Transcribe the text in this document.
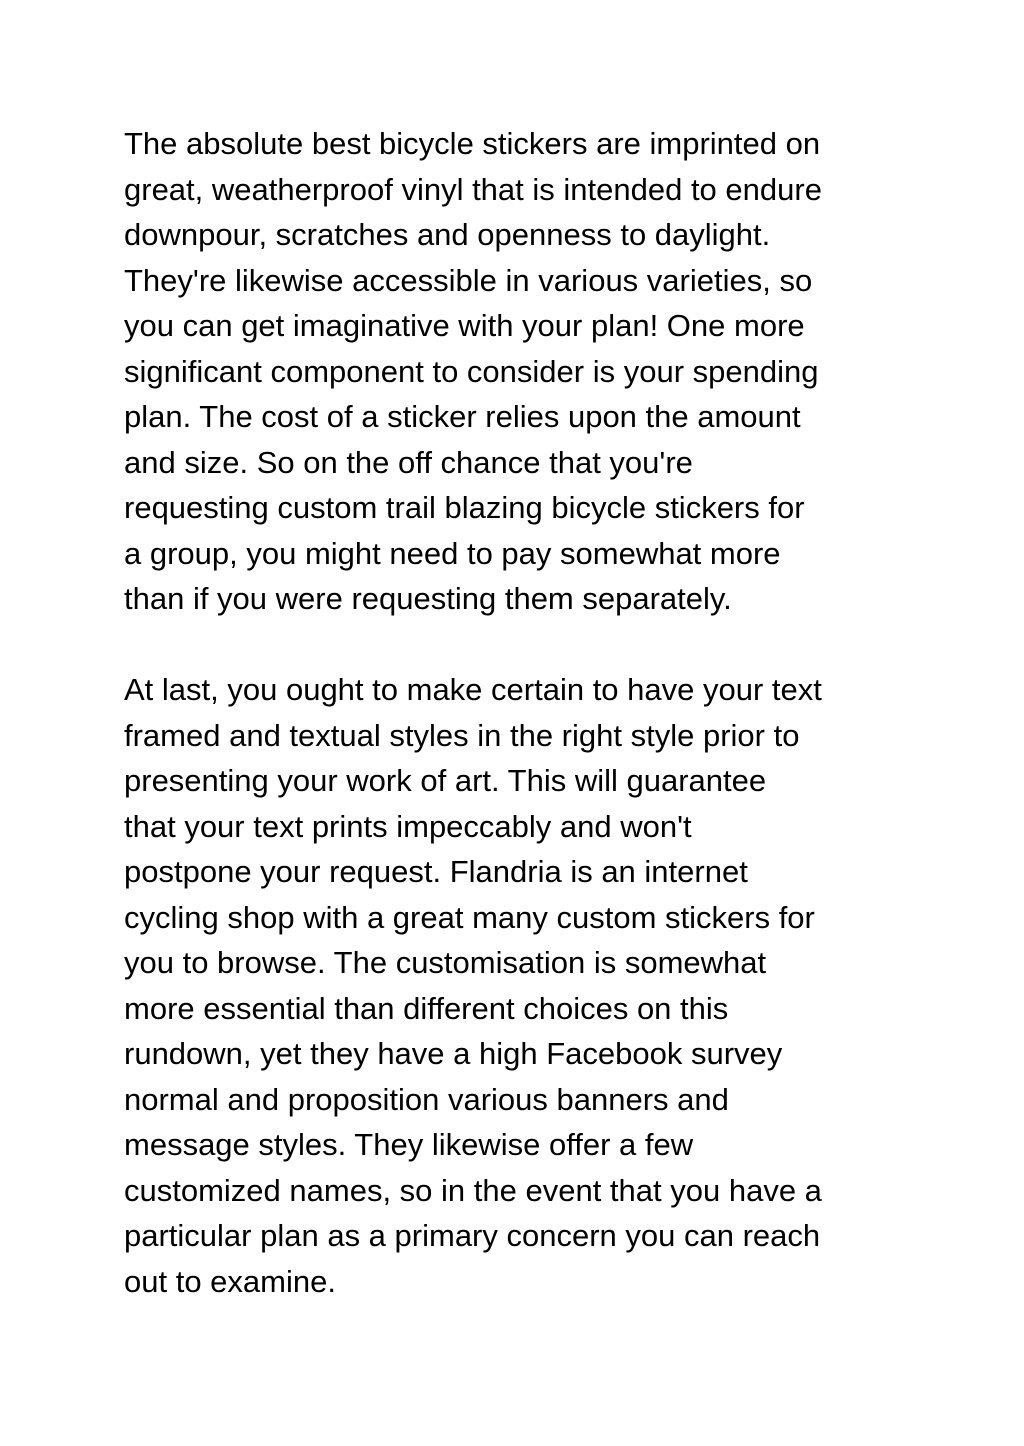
The absolute best bicycle stickers are imprinted on
great, weatherproof vinyl that is intended to endure
downpour, scratches and openness to daylight.
They're likewise accessible in various varieties, so
you can get imaginative with your plan! One more
significant component to consider is your spending
plan. The cost of a sticker relies upon the amount
and size. So on the off chance that you're
requesting custom trail blazing bicycle stickers for
a group, you might need to pay somewhat more
than if you were requesting them separately.
At last, you ought to make certain to have your text
framed and textual styles in the right style prior to
presenting your work of art. This will guarantee
that your text prints impeccably and won't
postpone your request. Flandria is an internet
cycling shop with a great many custom stickers for
you to browse. The customisation is somewhat
more essential than different choices on this
rundown, yet they have a high Facebook survey
normal and proposition various banners and
message styles. They likewise offer a few
customized names, so in the event that you have a
particular plan as a primary concern you can reach
out to examine.
